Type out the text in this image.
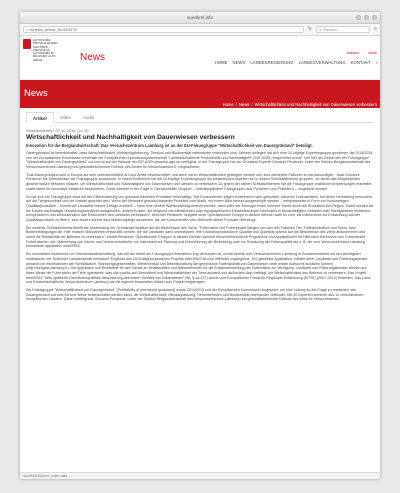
suedtirol.info
<<&news_article_id=563476	↻ ⌕ Suchen	≡
AUTONOME PROVINZ BOZEN SÜDTIROL · PROVINCIA AUTONOMA DI BOLZANO ALTO ADIGE	News	italiano | ladin
HOME NEWS LANDESREGIERUNG LANDESVERWALTUNG KONTAKT ⌕
News
Home / News / Wirtschaftlichkeit und Nachhaltigkeit von Dauerwiesen verbessern
Artikel	Video	Audio
Verschiedenes | 07.10.2016 | 11:10
Wirtschaftlichkeit und Nachhaltigkeit von Dauerwiesen verbessern
Innovation für die Berglandwirtschaft: Das Versuchszentrum Laimburg ist an der EU-Fokusgruppe "Wirtschaftlichkeit von Dauergrünland" beteiligt.

Dauergrünland ist bewirtschaftet, dass Wirtschaftlichkeit, Klimatolöglicherung, Tierwohl und Biodiversität miteinander verbunden sind: Diesem Anliegen hat sich eine 20-köpfige Expertengruppe gewidmet, die 2014/2015 von der Europäischen Kommission innerhalb der Europäischen Innovationspartnerschaft "Landwirtschaftliche Produktivität und Nachhaltigkeit" (EIP-AGRI) eingerichtet wurde. Von hier der Einberufer der Fokusgruppe "Wirtschaftlichkeit von Dauergrünland" vor und ist auf der Website der EIP-AGRI www.eip-agri.eu verfügbar. In der Fokusgruppe hat der Grünland-Experte Giovanni Peratoner, Leiter der Sektion Berglandwirtschaft des Versuchszentrums Laimburg und geschäftsführender Direktor des Amtes für Versuchswesen E. mitgearbeitet.

"Das Dauergrünland wird in Europa auf sehr unterschiedliche Art und Weise bewirtschaftet, und wenn deren Wirtschaftlichkeit gesteigert werden soll, sind zahlreiche Faktoren zu berücksichtigen", fasst Giovanni Peratoner die Erkenntnisse der Fokusgruppe zusammen. In einem Endbericht hat die 20-köpfige Expertengruppe die wesentlichen Aspekte nun in sieben Schlüsselthemen gruppiert, an denen alle Möglichkeiten gleichermaßen behoben müssen, um Wirtschaftlichkeit und Nachhaltigkeit von Dauerwiesen und -weiden zu verbessern. Zu jedem der sieben Schlüsselthemen hat die Fokusgruppe praktische Empfehlungen erarbeitet sowie Ideen für innovative Initiativen beschrieben. Diese könnten in der Folge in Operationellen Gruppen – interdisziplinären Fachgruppen aus Forschern und Praktikern – umgesetzt werden.

So hat sich die Fokusgruppe etwa mit der Differenzierung von grasland-basierten Produkten beschäftigt: "Die Konsumenten fragen zunehmend nach gesunden, sicheren Lebensmitteln, bei deren Herstellung besonders auf die Tiergesundheit und die Umwelt geachtet wird. Wenn der Mehrwert grasland-basierter Produkte vom Markt, mit einem Blick besser ausgeschöpft werden – beispielsweise in Form von hochwertigen Qualitätsprodukten – könnte die Landwirte höhere Erträge erzielen" – kann eine höhere Wertschöpfung erreicht werden, dann zieht der Erzeuger einen höheren Vorteil durch die Produktion der Region. Damit würden sie die Kosten nachhaltiger Herstellungsverfahren ausgleichen, andere Kosten, die aufgrund von klimatischen oder topographischen Einschränkungen besonders in benachteiligten Gebieten oder Randgebieten entstehen, kompensieren und schlussendlich das Einkommen des Landwirts verbessern", berichtet Peratoner. Aufgabe einer Operationellen Gruppe in diesem Bereich wäre es zum, als Instrumente zur Entwicklung solcher Qualitätsprodukte zu liefern, eine andere könnte eine Marktvorgänge auswerten, die die Konsumenten vom Mehrwert dieser Produkte überzeugt.

Ein weiteres Schlüsselthema betrifft die Abstimmung der Grünlandproduktion auf die Bedürfnisse des Viehs: "Futterration und Futterbedarf hängen von den drei Faktoren Tier, Futterproduktion und Klima- bzw. Bodenbedingungen ab. Hier müssen Maßnahmen entwickelt werden, die die Landwirte dann unterstützen, ihre Grünlandproduktion in Qualität und Quantität optimal auf die Bedürfnisse des Viehs abzustimmen und damit die Rentabilität der Betriebe zu verbessern", erklärt Peratoner. Operationelle Gruppen in diesem Bereich könnten benutzerfreundliche Programme und Applikationen für Hilfe beim Berechnen von Futterbedarf, Futterrationen, der Optimierung von Vierhin und Viehen entwickeln, ein Instrument zur Planung und Durchführung der Beweidung oder zur Schätzung der Futterqualität wie z. B. die vom Versuchszentrum Laimburg entwickelte Applikation webGRAS.

Ein innovatives Instrument zur Grünlandbewirtschaftung, das mit der Arbeit der Fokusgruppe thematisch eng verbunden ist, wurde bereits vom Versuchszentrum Laimburg in Zusammenarbeit mit den wichtigsten Institutionen der Südtiroler Landwirtschaft entwickelt: Ergebnis des 2015 abgeschlossenen Projekts webGRAS ist eine öffentlich zugängliche, GIS-gestützte Applikation, mithilfe derer Landwirte und Fütterungsberater anhand von Informationen wie Schnittdatum, Standortgegebenheiten, Wetterverlauf und Bewirtschaftung die gemessene Futterqualität von Dauerwiesen beim ersten Aufwuchs schätzen können (http://webgras.laimburg.it). Die Applikation soll Richtwerte für den Gehalt an Inhaltsstoffen und Nährelementen für die Zusammenstellung der Futterration zur Verfügung. Landwirte und Fütterungsberater können auf diese Weise die Futterration der Tiere optimieren, was sich positiv auf Gesundheit und Wirtschaftlichkeit der Tiere auswirkt und außerdem dazu beiträgt, die Wirtschaftlichkeit des Betriebs zu verbessern. Das Projekt webGRAS "Web-gestützte Grundfutterqualitäts-Abschätzung des ersten Schnitts von Dauerwiesen" (Nr. 5-1a-237) wurde vom Europäischen Fonds für Regionale Entwicklung (EFRE) (2007–2013) finanziert. Das Land- und Forstwirtschaftliche Versuchszentrum Laimburg hat mit eigenen finanziellen Mitteln zum Projekt beigetragen.

Die Fokusgruppe "Wirtschaftlichkeit von Dauergrünland" (Profitability of permanent grassland) wurde 2014/2015 von der Europäischen Kommission eingesetzt, um eine Lösung zu der Frage zu erarbeiten, wie Dauergrünland auf eine Art und Weise bewirtschaftet werden kann, die Wirtschaftlichkeit, Klimaanpassung, Tierumbefinden und Biodiversität miteinander verbindet. Die 20 Experten kommen aus 14 verschiedenen europäischen Ländern. Daran beteiligt war Giovanni Peratoner, Leiter der Sektion Berglandwirtschaft des Versuchszentrums Laimburg und geschäftsführender Direktor des Amts für Versuchswesen.

=&tc5624l76&sort_order=date...
